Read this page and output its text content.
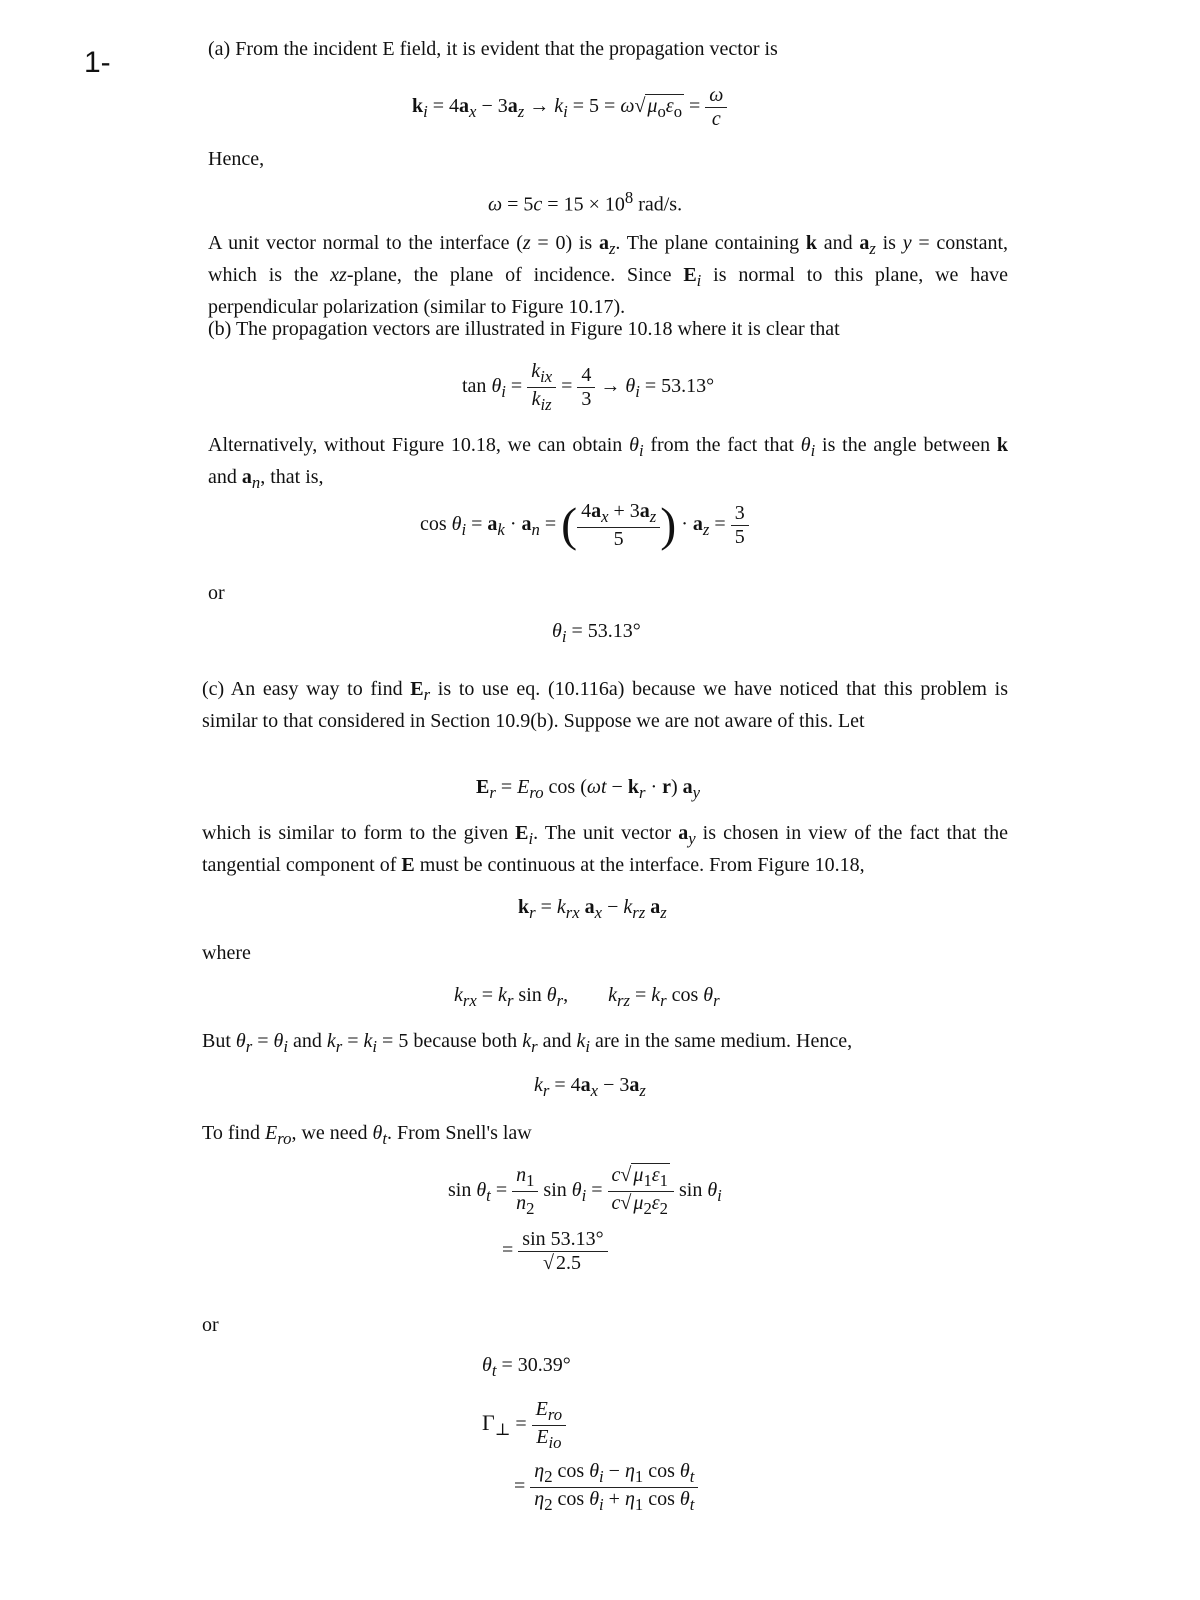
1-	(a) From the incident E field, it is evident that the propagation vector is
$k_i = 4a_x - 3a_z \to k_i = 5 = \omega√$ $\mu_o\varepsilon_o = \frac{\omega}{c}$
Hence,
$\omega = 5c = 15 \times 10^8$ rad/s.
A unit vector normal to the interface (z = 0) is $a_z$. The plane containing k and $a_z$ is y = constant, which is the xz-plane, the plane of incidence. Since $E_i$ is normal to this plane, we have perpendicular polarization (similar to Figure 10.17).
(b) The propagation vectors are illustrated in Figure 10.18 where it is clear that
$\tan \theta_i = \frac{k_{ix}}{k_{iz}} = \frac{4}{3} \to \theta_i = 53.13^\circ$
Alternatively, without Figure 10.18, we can obtain $\theta_i$ from the fact that $\theta_i$ is the angle between k and $a_n$, that is,
$\cos \theta_i = a_k \cdot a_n$ = ( $\frac{4a_x + 3a_z}{5}$ ) · $a_z = \frac{3}{5}$
or
$\theta_i = 53.13^\circ$
(c) An easy way to find $E_r$ is to use eq. (10.116a) because we have noticed that this problem is similar to that considered in Section 10.9(b). Suppose we are not aware of this. Let
$E_r = E_{ro}$ $\cos (\omega t - k_r \cdot r)$ $a_y$
which is similar to form to the given $E_i$. The unit vector $a_y$ is chosen in view of the fact that the tangential component of E must be continuous at the interface. From Figure 10.18,
$k_r = k_{rx}$ $a_x - k_{rz}$ $a_z$
where
$k_{rx} = k_r$ $\sin \theta_r$,        $k_{rz} = k_r$ $\cos \theta_r$
But $\theta_r = \theta_i$ and $k_r = k_i = 5$ because both $k_r$ and $k_i$ are in the same medium. Hence,
$k_r = 4a_x - 3a_z$
To find $E_{ro}$, we need $\theta_t$. From Snell's law
$\sin \theta_t = \frac{n_1}{n_2}$ $\sin \theta_i = \frac{c√ \mu_1\varepsilon_1}{c√ \mu_2\varepsilon_2}$ $\sin \theta_i$
= $\frac{\sin 53.13^\circ}{√ 2.5}$
or
$\theta_t = 30.39^\circ$
$\Gamma_\perp = \frac{E_{ro}}{E_{io}}$
= $\frac{\eta_2 \cos \theta_i - \eta_1 \cos \theta_t}{\eta_2 \cos \theta_i + \eta_1 \cos \theta_t}$
